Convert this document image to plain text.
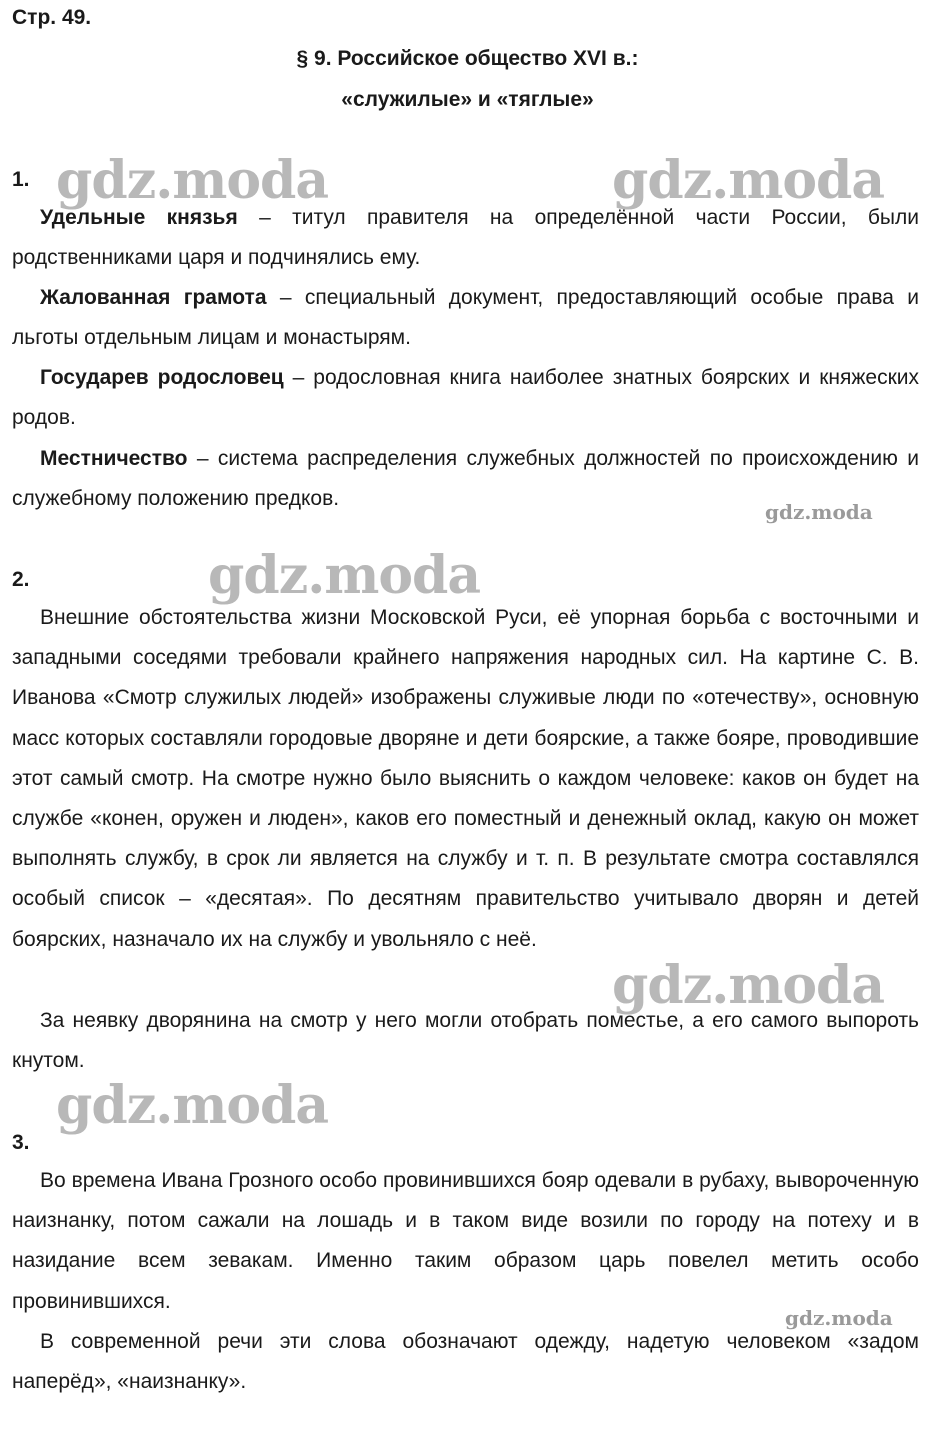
Стр. 49.
§ 9. Российское общество XVI в.:
«служилые» и «тяглые»
gdz.moda	gdz.moda
gdz.moda
gdz.moda
gdz.moda
gdz.moda
gdz.moda
1.

Удельные князья – титул правителя на определённой части России, были родственниками царя и подчинялись ему.

Жалованная грамота – специальный документ, предоставляющий особые права и льготы отдельным лицам и монастырям.

Государев родословец – родословная книга наиболее знатных боярских и княжеских родов.

Местничество – система распределения служебных должностей по происхождению и служебному положению предков.

2.

Внешние обстоятельства жизни Московской Руси, её упорная борьба с восточными и западными соседями требовали крайнего напряжения народных сил. На картине С. В. Иванова «Смотр служилых людей» изображены служивые люди по «отечеству», основную масс которых составляли городовые дворяне и дети боярские, а также бояре, проводившие этот самый смотр. На смотре нужно было выяснить о каждом человеке: каков он будет на службе «конен, оружен и люден», каков его поместный и денежный оклад, какую он может выполнять службу, в срок ли является на службу и т. п. В результате смотра составлялся особый список – «десятая». По десятням правительство учитывало дворян и детей боярских, назначало их на службу и увольняло с неё.

За неявку дворянина на смотр у него могли отобрать поместье, а его самого выпороть кнутом.

3.

Во времена Ивана Грозного особо провинившихся бояр одевали в рубаху, вывороченную наизнанку, потом сажали на лошадь и в таком виде возили по городу на потеху и в назидание всем зевакам. Именно таким образом царь повелел метить особо провинившихся.

В современной речи эти слова обозначают одежду, надетую человеком «задом наперёд», «наизнанку».
